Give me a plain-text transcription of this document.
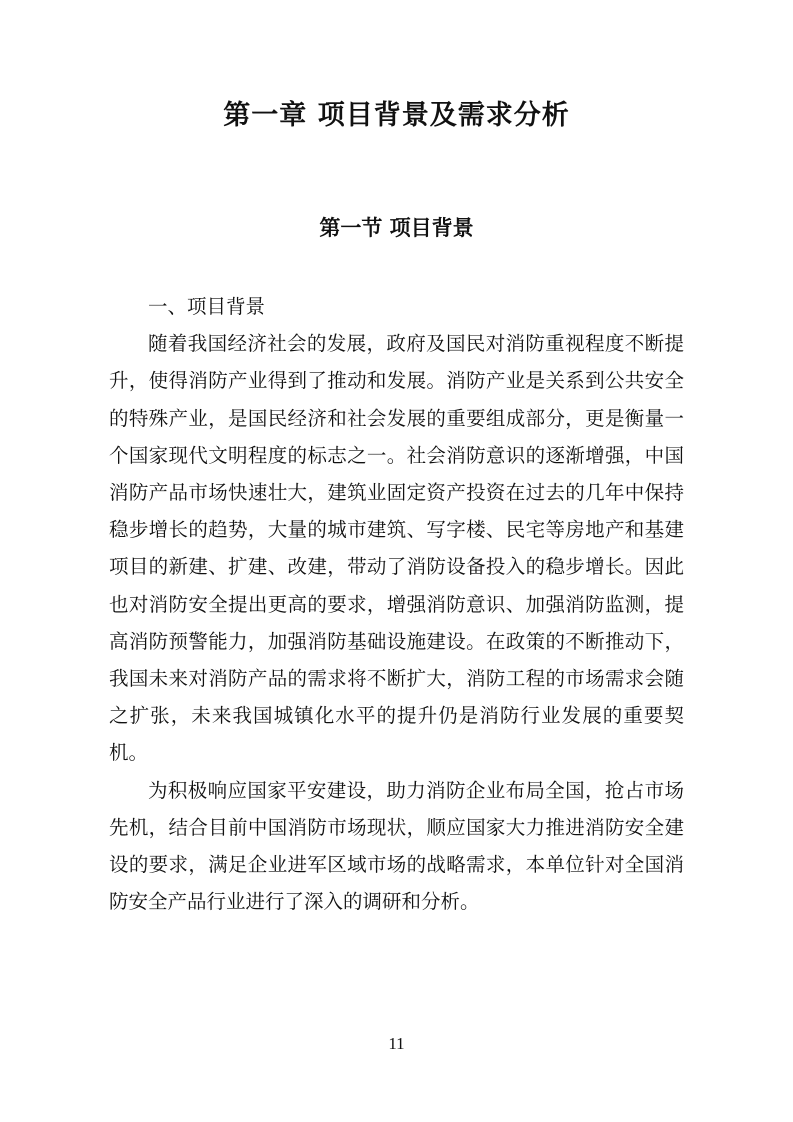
第一章 项目背景及需求分析
第一节 项目背景

一、项目背景

随着我国经济社会的发展，政府及国民对消防重视程度不断提升，使得消防产业得到了推动和发展。消防产业是关系到公共安全的特殊产业，是国民经济和社会发展的重要组成部分，更是衡量一个国家现代文明程度的标志之一。社会消防意识的逐渐增强，中国消防产品市场快速壮大，建筑业固定资产投资在过去的几年中保持稳步增长的趋势，大量的城市建筑、写字楼、民宅等房地产和基建项目的新建、扩建、改建，带动了消防设备投入的稳步增长。因此也对消防安全提出更高的要求，增强消防意识、加强消防监测，提高消防预警能力，加强消防基础设施建设。在政策的不断推动下，我国未来对消防产品的需求将不断扩大，消防工程的市场需求会随之扩张，未来我国城镇化水平的提升仍是消防行业发展的重要契机。

为积极响应国家平安建设，助力消防企业布局全国，抢占市场先机，结合目前中国消防市场现状，顺应国家大力推进消防安全建设的要求，满足企业进军区域市场的战略需求，本单位针对全国消防安全产品行业进行了深入的调研和分析。

11
